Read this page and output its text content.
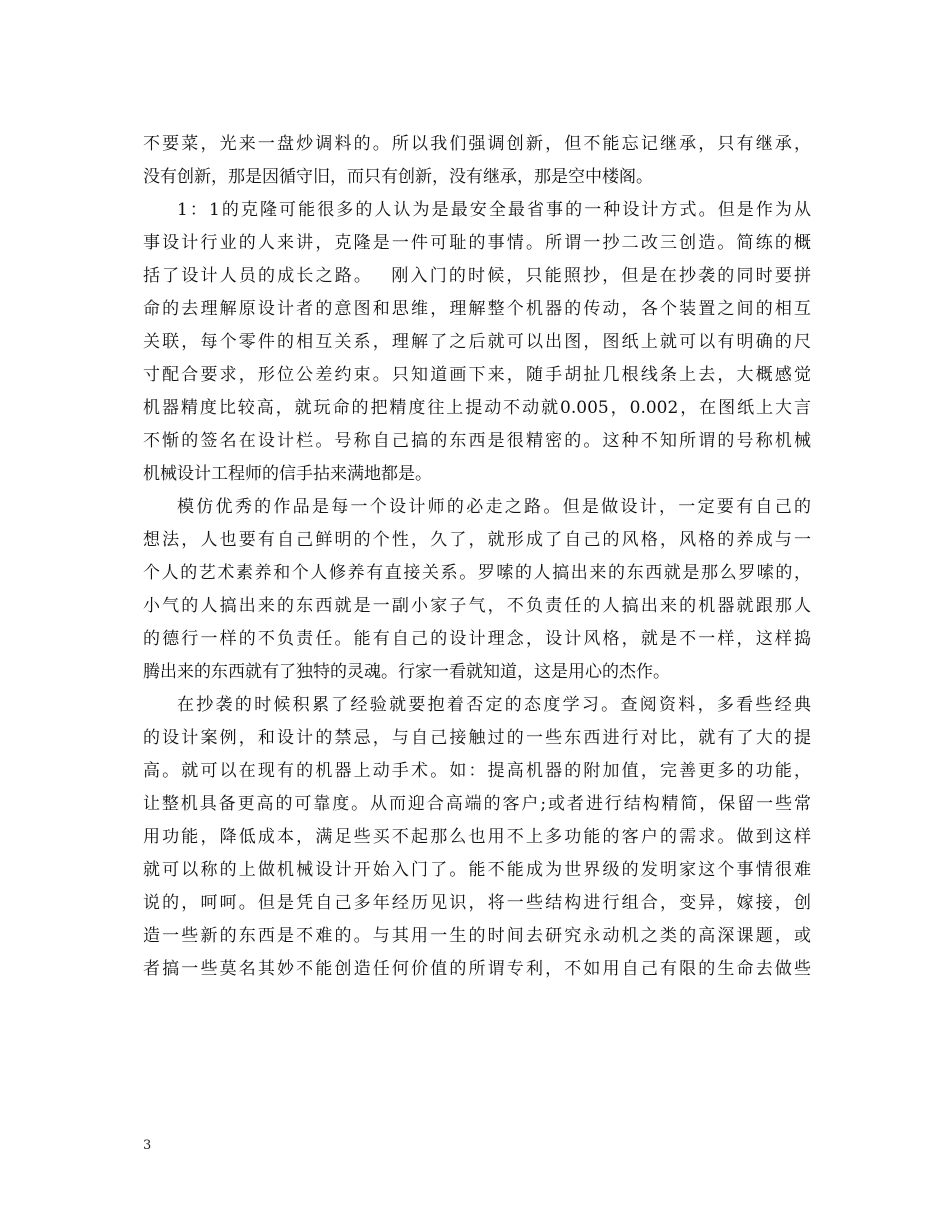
不要菜，光来一盘炒调料的。所以我们强调创新，但不能忘记继承，只有继承，
没有创新，那是因循守旧，而只有创新，没有继承，那是空中楼阁。
1：1的克隆可能很多的人认为是最安全最省事的一种设计方式。但是作为从
事设计行业的人来讲，克隆是一件可耻的事情。所谓一抄二改三创造。简练的概
括了设计人员的成长之路。　 刚入门的时候，只能照抄，但是在抄袭的同时要拼
命的去理解原设计者的意图和思维，理解整个机器的传动，各个装置之间的相互
关联，每个零件的相互关系，理解了之后就可以出图，图纸上就可以有明确的尺
寸配合要求，形位公差约束。只知道画下来，随手胡扯几根线条上去，大概感觉
机器精度比较高，就玩命的把精度往上提动不动就0.005，0.002，在图纸上大言
不惭的签名在设计栏。号称自己搞的东西是很精密的。这种不知所谓的号称机械
机械设计工程师的信手拈来满地都是。
模仿优秀的作品是每一个设计师的必走之路。但是做设计，一定要有自己的
想法，人也要有自己鲜明的个性，久了，就形成了自己的风格，风格的养成与一
个人的艺术素养和个人修养有直接关系。罗嗦的人搞出来的东西就是那么罗嗦的，
小气的人搞出来的东西就是一副小家子气，不负责任的人搞出来的机器就跟那人
的德行一样的不负责任。能有自己的设计理念，设计风格，就是不一样，这样捣
腾出来的东西就有了独特的灵魂。行家一看就知道，这是用心的杰作。
在抄袭的时候积累了经验就要抱着否定的态度学习。查阅资料，多看些经典
的设计案例，和设计的禁忌，与自己接触过的一些东西进行对比，就有了大的提
高。就可以在现有的机器上动手术。如：提高机器的附加值，完善更多的功能，
让整机具备更高的可靠度。从而迎合高端的客户;或者进行结构精简，保留一些常
用功能，降低成本，满足些买不起那么也用不上多功能的客户的需求。做到这样
就可以称的上做机械设计开始入门了。能不能成为世界级的发明家这个事情很难
说的，呵呵。但是凭自己多年经历见识，将一些结构进行组合，变异，嫁接，创
造一些新的东西是不难的。与其用一生的时间去研究永动机之类的高深课题，或
者搞一些莫名其妙不能创造任何价值的所谓专利，不如用自己有限的生命去做些
3
